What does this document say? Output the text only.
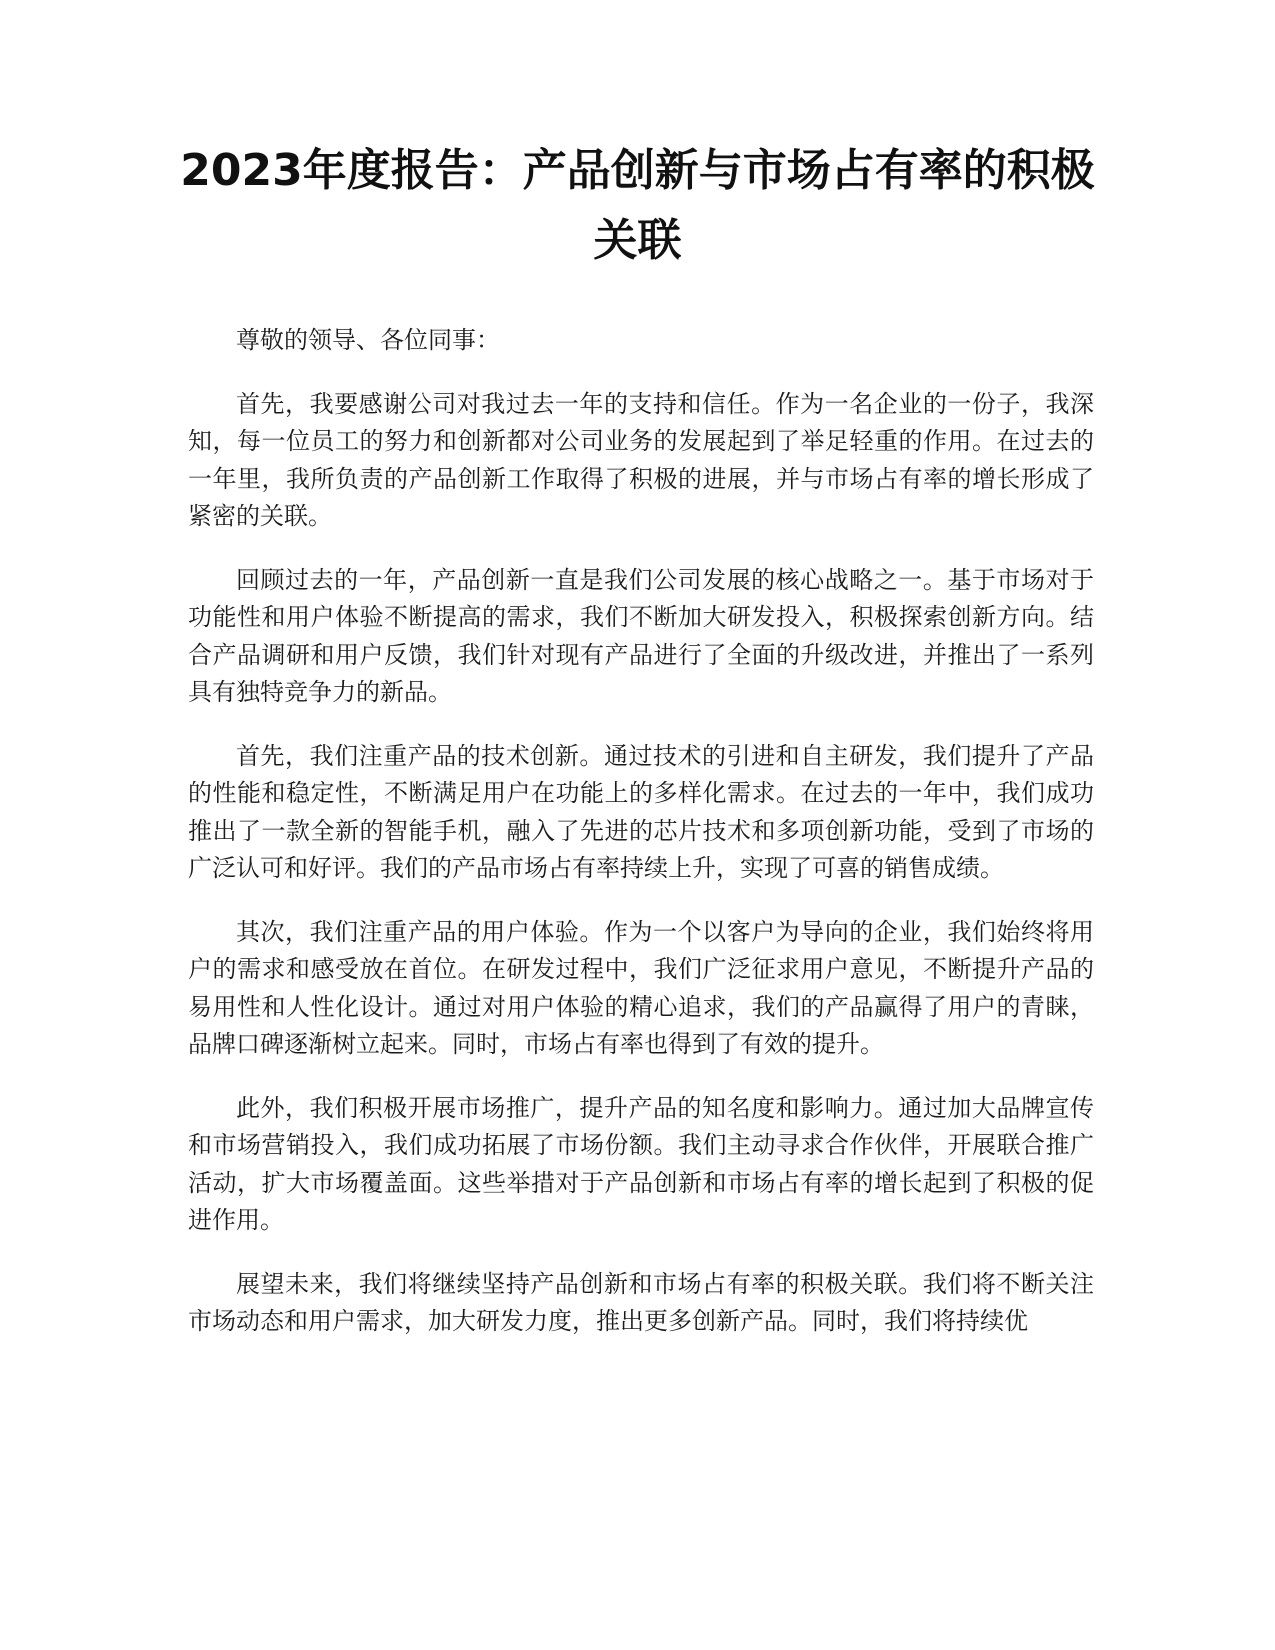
2023年度报告：产品创新与市场占有率的积极关联

尊敬的领导、各位同事：

首先，我要感谢公司对我过去一年的支持和信任。作为一名企业的一份子，我深知，每一位员工的努力和创新都对公司业务的发展起到了举足轻重的作用。在过去的一年里，我所负责的产品创新工作取得了积极的进展，并与市场占有率的增长形成了紧密的关联。

回顾过去的一年，产品创新一直是我们公司发展的核心战略之一。基于市场对于功能性和用户体验不断提高的需求，我们不断加大研发投入，积极探索创新方向。结合产品调研和用户反馈，我们针对现有产品进行了全面的升级改进，并推出了一系列具有独特竞争力的新品。

首先，我们注重产品的技术创新。通过技术的引进和自主研发，我们提升了产品的性能和稳定性，不断满足用户在功能上的多样化需求。在过去的一年中，我们成功推出了一款全新的智能手机，融入了先进的芯片技术和多项创新功能，受到了市场的广泛认可和好评。我们的产品市场占有率持续上升，实现了可喜的销售成绩。

其次，我们注重产品的用户体验。作为一个以客户为导向的企业，我们始终将用户的需求和感受放在首位。在研发过程中，我们广泛征求用户意见，不断提升产品的易用性和人性化设计。通过对用户体验的精心追求，我们的产品赢得了用户的青睐，品牌口碑逐渐树立起来。同时，市场占有率也得到了有效的提升。

此外，我们积极开展市场推广，提升产品的知名度和影响力。通过加大品牌宣传和市场营销投入，我们成功拓展了市场份额。我们主动寻求合作伙伴，开展联合推广活动，扩大市场覆盖面。这些举措对于产品创新和市场占有率的增长起到了积极的促进作用。

展望未来，我们将继续坚持产品创新和市场占有率的积极关联。我们将不断关注市场动态和用户需求，加大研发力度，推出更多创新产品。同时，我们将持续优
